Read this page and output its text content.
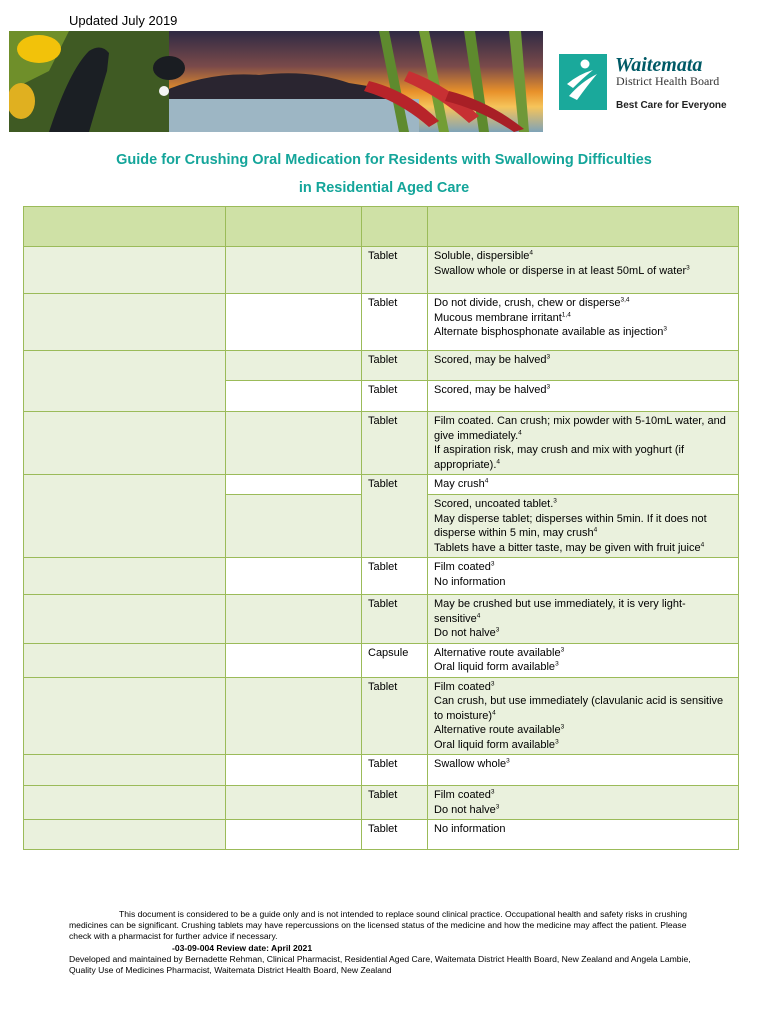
Updated July 2019
Waitemata
District Health Board
Best Care for Everyone
Guide for Crushing Oral Medication for Residents with Swallowing Difficulties
in Residential Aged Care

		Tablet	Soluble, dispersible$^4$
Swallow whole or disperse in at least 50mL of water$^3$

		Tablet	Do not divide, crush, chew or disperse$^{3,4}$
Mucous membrane irritant$^{1,4}$
Alternate bisphosphonate available as injection$^3$

		Tablet	Scored, may be halved$^3$

		Tablet	Scored, may be halved$^3$

		Tablet	Film coated. Can crush; mix powder with 5-10mL water, and give immediately.$^4$
If aspiration risk, may crush and mix with yoghurt (if appropriate).$^4$

		Tablet	May crush$^4$

			Scored, uncoated tablet.$^3$
May disperse tablet; disperses within 5min. If it does not disperse within 5 min, may crush$^4$
Tablets have a bitter taste, may be given with fruit juice$^4$

		Tablet	Film coated$^3$
No information

		Tablet	May be crushed but use immediately, it is very light-sensitive$^4$
Do not halve$^3$

		Capsule	Alternative route available$^3$
Oral liquid form available$^3$

		Tablet	Film coated$^3$
Can crush, but use immediately (clavulanic acid is sensitive to moisture)$^4$
Alternative route available$^3$
Oral liquid form available$^3$

		Tablet	Swallow whole$^3$

		Tablet	Film coated$^3$
Do not halve$^3$

		Tablet	No information

This document is considered to be a guide only and is not intended to replace sound clinical practice. Occupational health and safety risks in crushing medicines can be significant. Crushing tablets may have repercussions on the licensed status of the medicine and how the medicine may affect the patient. Please check with a pharmacist for further advice if necessary.

-03-09-004 Review date: April 2021

Developed and maintained by Bernadette Rehman, Clinical Pharmacist, Residential Aged Care, Waitemata District Health Board, New Zealand and Angela Lambie, Quality Use of Medicines Pharmacist, Waitemata District Health Board, New Zealand
